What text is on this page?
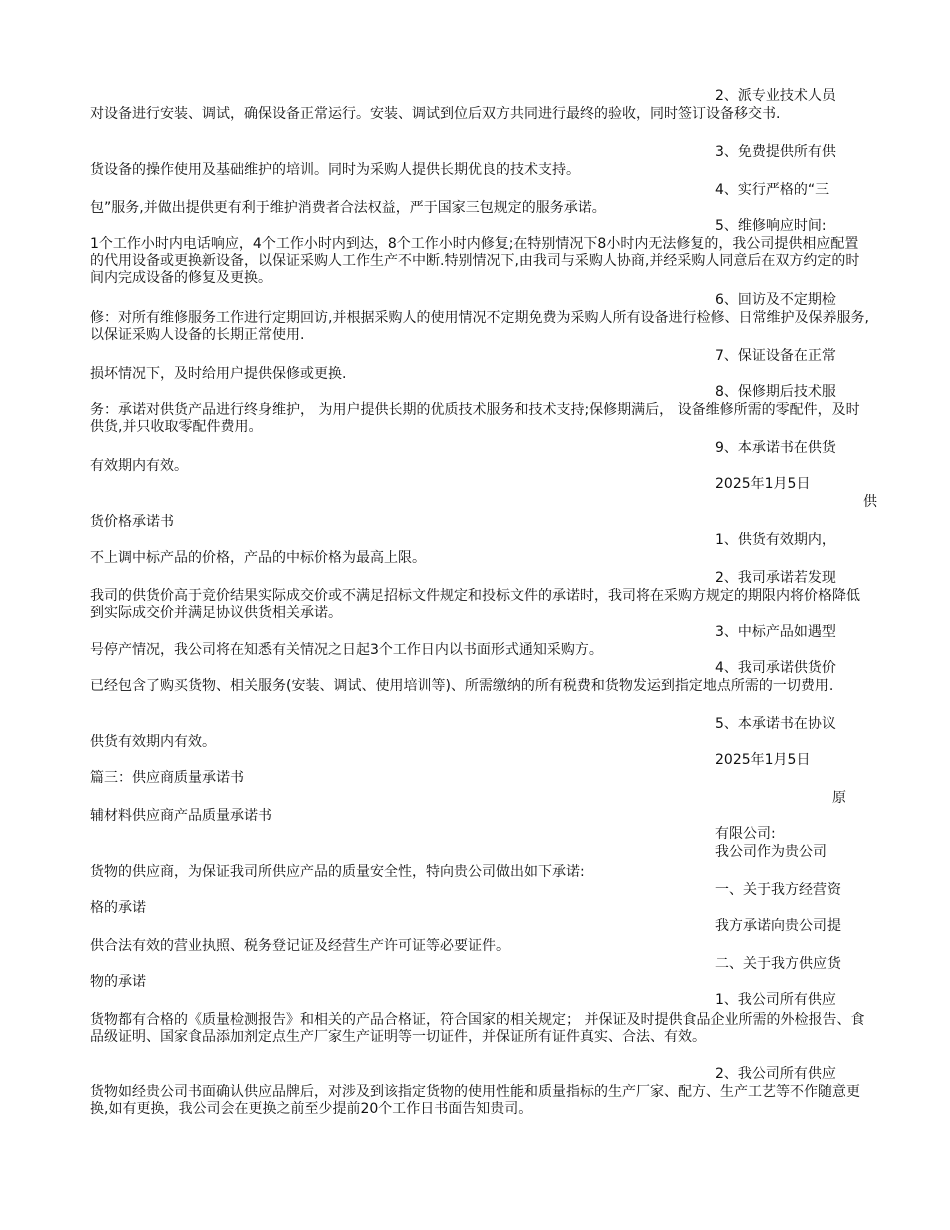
2、派专业技术人员
对设备进行安装、调试，确保设备正常运行。安装、调试到位后双方共同进行最终的验收，同时签订设备移交书.
3、免费提供所有供
货设备的操作使用及基础维护的培训。同时为采购人提供长期优良的技术支持。
4、实行严格的“三
包”服务,并做出提供更有利于维护消费者合法权益，严于国家三包规定的服务承诺。
5、维修响应时间:
1个工作小时内电话响应，4个工作小时内到达，8个工作小时内修复;在特别情况下8小时内无法修复的，我公司提供相应配置的代用设备或更换新设备，以保证采购人工作生产不中断.特别情况下,由我司与采购人协商,并经采购人同意后在双方约定的时间内完成设备的修复及更换。
6、回访及不定期检
修：对所有维修服务工作进行定期回访,并根据采购人的使用情况不定期免费为采购人所有设备进行检修、日常维护及保养服务,以保证采购人设备的长期正常使用.
7、保证设备在正常
损坏情况下，及时给用户提供保修或更换.
8、保修期后技术服
务：承诺对供货产品进行终身维护， 为用户提供长期的优质技术服务和技术支持;保修期满后， 设备维修所需的零配件，及时供货,并只收取零配件费用。
9、本承诺书在供货
有效期内有效。
2025年1月5日
供
货价格承诺书
1、供货有效期内，
不上调中标产品的价格，产品的中标价格为最高上限。
2、我司承诺若发现
我司的供货价高于竞价结果实际成交价或不满足招标文件规定和投标文件的承诺时，我司将在采购方规定的期限内将价格降低到实际成交价并满足协议供货相关承诺。
3、中标产品如遇型
号停产情况，我公司将在知悉有关情况之日起3个工作日内以书面形式通知采购方。
4、我司承诺供货价
已经包含了购买货物、相关服务(安装、调试、使用培训等)、所需缴纳的所有税费和货物发运到指定地点所需的一切费用.
5、本承诺书在协议
供货有效期内有效。
2025年1月5日
篇三：供应商质量承诺书
原
辅材料供应商产品质量承诺书
有限公司:
我公司作为贵公司
货物的供应商，为保证我司所供应产品的质量安全性，特向贵公司做出如下承诺:
一、关于我方经营资
格的承诺
我方承诺向贵公司提
供合法有效的营业执照、税务登记证及经营生产许可证等必要证件。
二、关于我方供应货
物的承诺
1、我公司所有供应
货物都有合格的《质量检测报告》和相关的产品合格证，符合国家的相关规定； 并保证及时提供食品企业所需的外检报告、食品级证明、国家食品添加剂定点生产厂家生产证明等一切证件，并保证所有证件真实、合法、有效。
2、我公司所有供应
货物如经贵公司书面确认供应品牌后，对涉及到该指定货物的使用性能和质量指标的生产厂家、配方、生产工艺等不作随意更换,如有更换，我公司会在更换之前至少提前20个工作日书面告知贵司。
